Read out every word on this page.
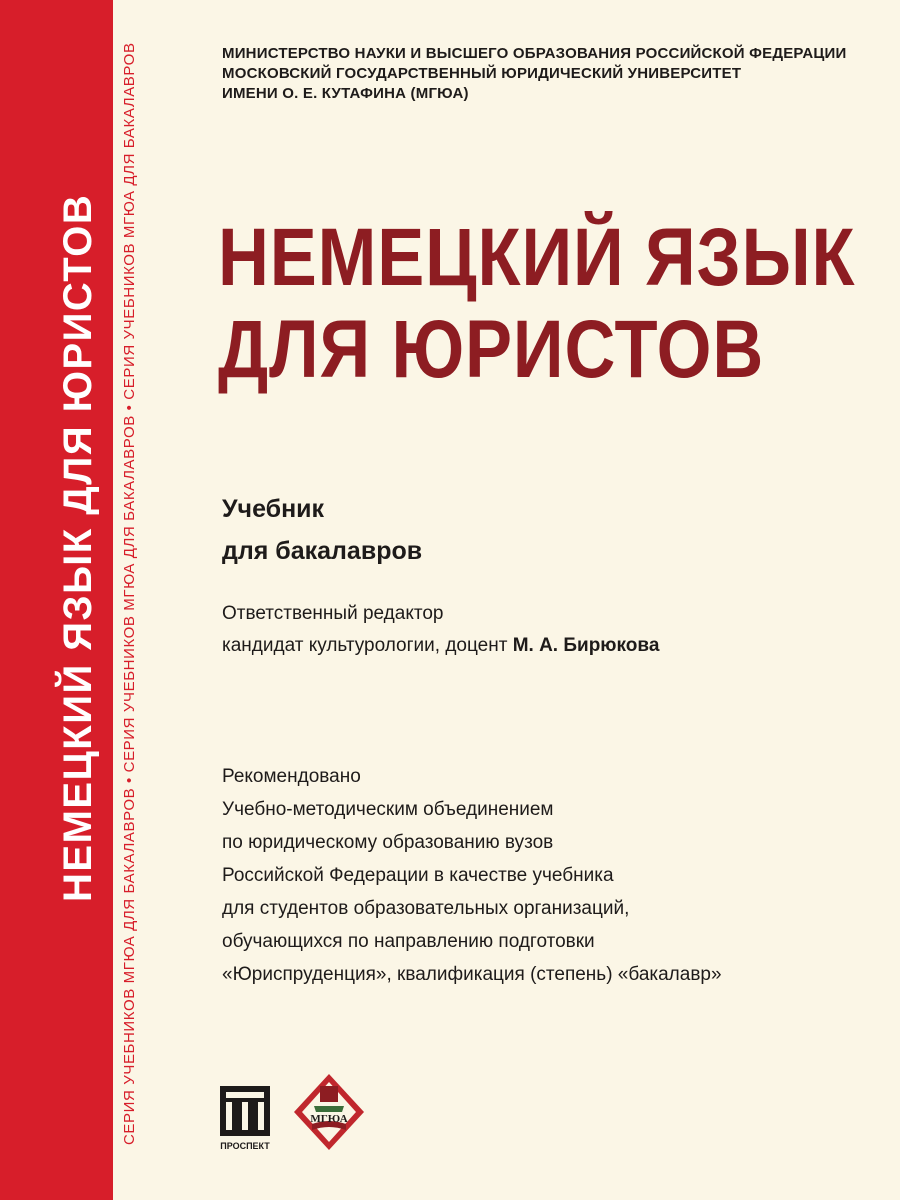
НЕМЕЦКИЙ ЯЗЫК ДЛЯ ЮРИСТОВ СЕРИЯ УЧЕБНИКОВ МГЮА ДЛЯ БАКАЛАВРОВ • СЕРИЯ УЧЕБНИКОВ МГЮА ДЛЯ БАКАЛАВРОВ • СЕРИЯ УЧЕБНИКОВ МГЮА ДЛЯ БАКАЛАВРОВ	МИНИСТЕРСТВО НАУКИ И ВЫСШЕГО ОБРАЗОВАНИЯ РОССИЙСКОЙ ФЕДЕРАЦИИ
МОСКОВСКИЙ ГОСУДАРСТВЕННЫЙ ЮРИДИЧЕСКИЙ УНИВЕРСИТЕТ
ИМЕНИ О. Е. КУТАФИНА (МГЮА)
НЕМЕЦКИЙ ЯЗЫК
ДЛЯ ЮРИСТОВ
Учебник
для бакалавров
Ответственный редактор
кандидат культурологии, доцент М. А. Бирюкова
Рекомендовано
Учебно-методическим объединением
по юридическому образованию вузов
Российской Федерации в качестве учебника
для студентов образовательных организаций,
обучающихся по направлению подготовки
«Юриспруденция», квалификация (степень) «бакалавр»
ПРОСПЕКТ
МГЮА
